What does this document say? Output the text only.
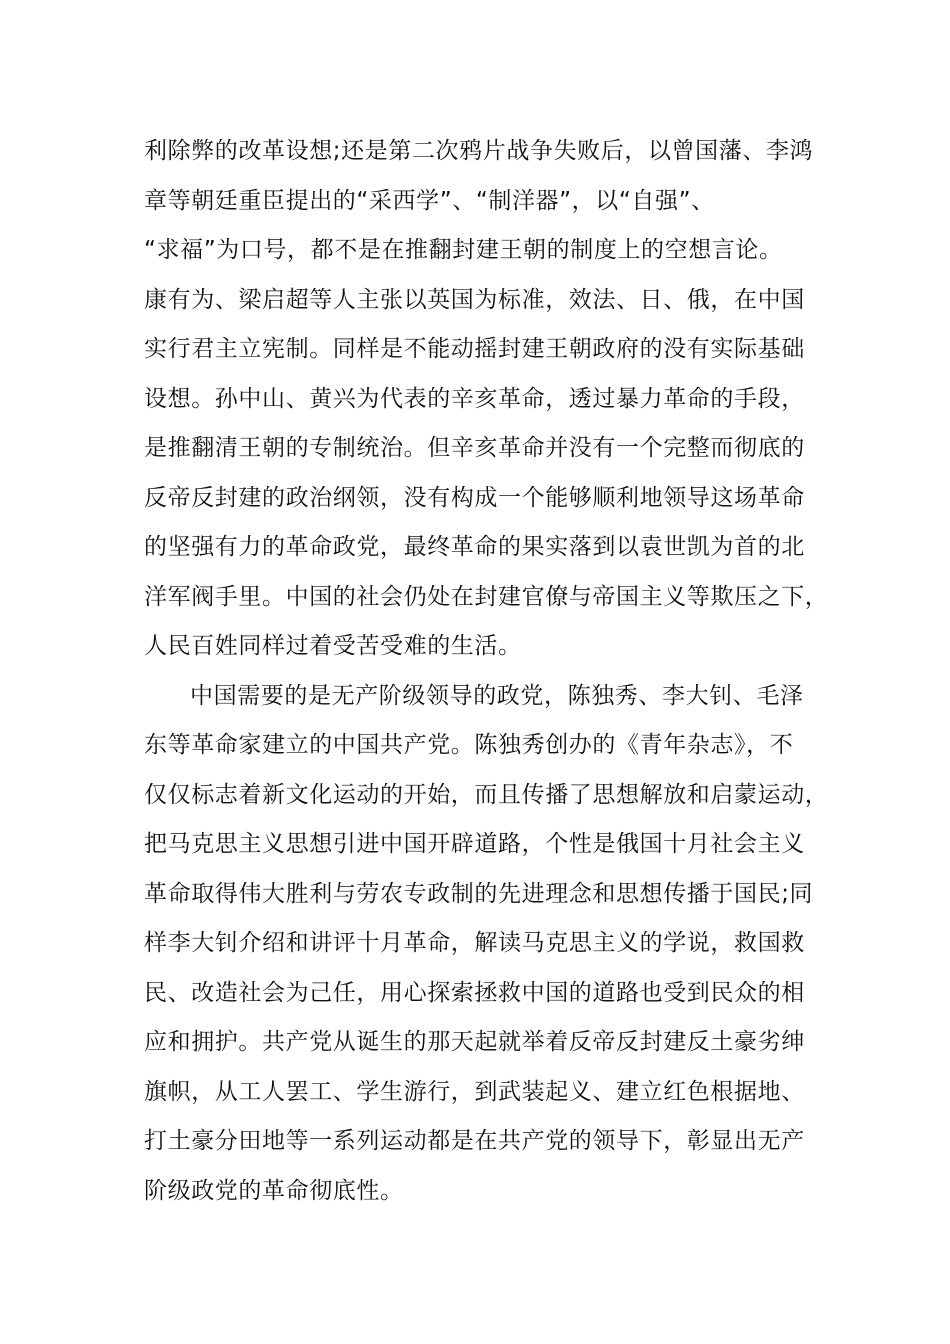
利除弊的改革设想;还是第二次鸦片战争失败后，以曾国藩、李鸿
章等朝廷重臣提出的“采西学”、“制洋器”，以“自强”、
“求福”为口号，都不是在推翻封建王朝的制度上的空想言论。
康有为、梁启超等人主张以英国为标准，效法、日、俄，在中国
实行君主立宪制。同样是不能动摇封建王朝政府的没有实际基础
设想。孙中山、黄兴为代表的辛亥革命，透过暴力革命的手段，
是推翻清王朝的专制统治。但辛亥革命并没有一个完整而彻底的
反帝反封建的政治纲领，没有构成一个能够顺利地领导这场革命
的坚强有力的革命政党，最终革命的果实落到以袁世凯为首的北
洋军阀手里。中国的社会仍处在封建官僚与帝国主义等欺压之下，
人民百姓同样过着受苦受难的生活。
中国需要的是无产阶级领导的政党，陈独秀、李大钊、毛泽
东等革命家建立的中国共产党。陈独秀创办的《青年杂志》，不
仅仅标志着新文化运动的开始，而且传播了思想解放和启蒙运动，
把马克思主义思想引进中国开辟道路，个性是俄国十月社会主义
革命取得伟大胜利与劳农专政制的先进理念和思想传播于国民;同
样李大钊介绍和讲评十月革命，解读马克思主义的学说，救国救
民、改造社会为己任，用心探索拯救中国的道路也受到民众的相
应和拥护。共产党从诞生的那天起就举着反帝反封建反土豪劣绅
旗帜，从工人罢工、学生游行，到武装起义、建立红色根据地、
打土豪分田地等一系列运动都是在共产党的领导下，彰显出无产
阶级政党的革命彻底性。
